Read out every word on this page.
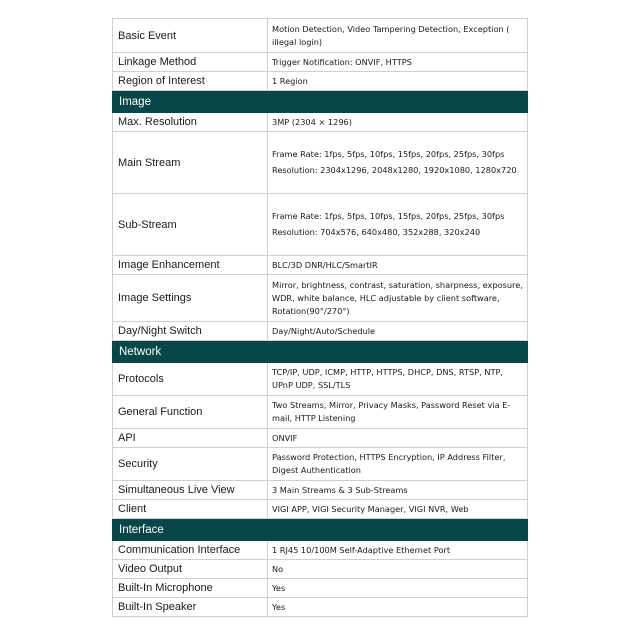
Basic Event	Motion Detection, Video Tampering Detection, Exception ( illegal login)
Linkage Method	Trigger Notification: ONVIF, HTTPS
Region of Interest	1 Region
Image	
Max. Resolution	3MP (2304 × 1296)
Main Stream	Frame Rate: 1fps, 5fps, 10fps, 15fps, 20fps, 25fps, 30fps
Resolution: 2304x1296, 2048x1280, 1920x1080, 1280x720

Sub-Stream	Frame Rate: 1fps, 5fps, 10fps, 15fps, 20fps, 25fps, 30fps
Resolution: 704x576, 640x480, 352x288, 320x240

Image Enhancement	BLC/3D DNR/HLC/SmartIR
Image Settings	Mirror, brightness, contrast, saturation, sharpness, exposure, WDR, white balance, HLC adjustable by client software, Rotation(90°/270°)
Day/Night Switch	Day/Night/Auto/Schedule
Network	
Protocols	TCP/IP, UDP, ICMP, HTTP, HTTPS, DHCP, DNS, RTSP, NTP, UPnP UDP, SSL/TLS
General Function	Two Streams, Mirror, Privacy Masks, Password Reset via E-mail, HTTP Listening
API	ONVIF
Security	Password Protection, HTTPS Encryption, IP Address Filter, Digest Authentication
Simultaneous Live View	3 Main Streams & 3 Sub-Streams
Client	VIGI APP, VIGI Security Manager, VIGI NVR, Web
Interface	
Communication Interface	1 RJ45 10/100M Self-Adaptive Ethernet Port
Video Output	No
Built-In Microphone	Yes
Built-In Speaker	Yes
